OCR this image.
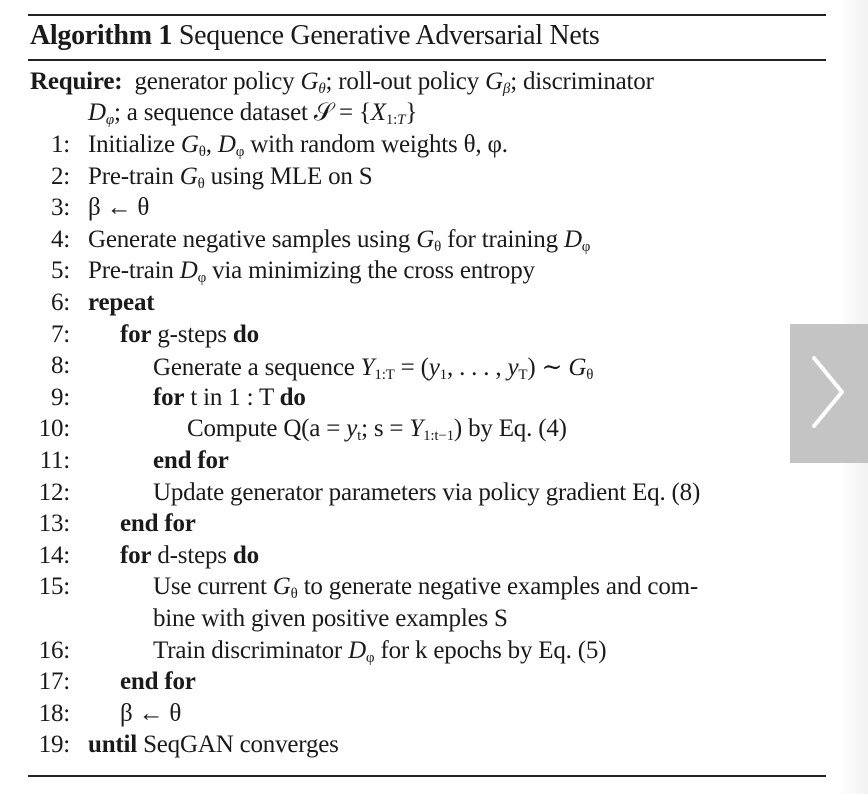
Algorithm 1 Sequence Generative Adversarial Nets
Require:  generator policy $G_\theta$; roll-out policy $G_\beta$; discriminator
$D_\varphi$; a sequence dataset 𝒮 = $\{X_{1:T}\}$
1: Initialize $G_\theta$, $D_\varphi$ with random weights θ, φ.
2: Pre-train $G_\theta$ using MLE on S
3: β ← θ
4: Generate negative samples using $G_\theta$ for training $D_\varphi$
5: Pre-train $D_\varphi$ via minimizing the cross entropy
6: repeat
7: for g-steps do
8:	Generate a sequence $Y_{1:T} = (y_1$, . . . , $y_T$) ∼ $G_\theta$
9:	for t in 1 : T do
10:	Compute $Q(a = y_t$; $s = Y_{1:t-1}$) by Eq. (4)
11:	end for
12:	Update generator parameters via policy gradient Eq. (8)
13: end for
14: for d-steps do
15:	Use current $G_\theta$ to generate negative examples and com-
bine with given positive examples S
16:	Train discriminator $D_\varphi$ for k epochs by Eq. (5)
17: end for
18: β ← θ
19: until SeqGAN converges
